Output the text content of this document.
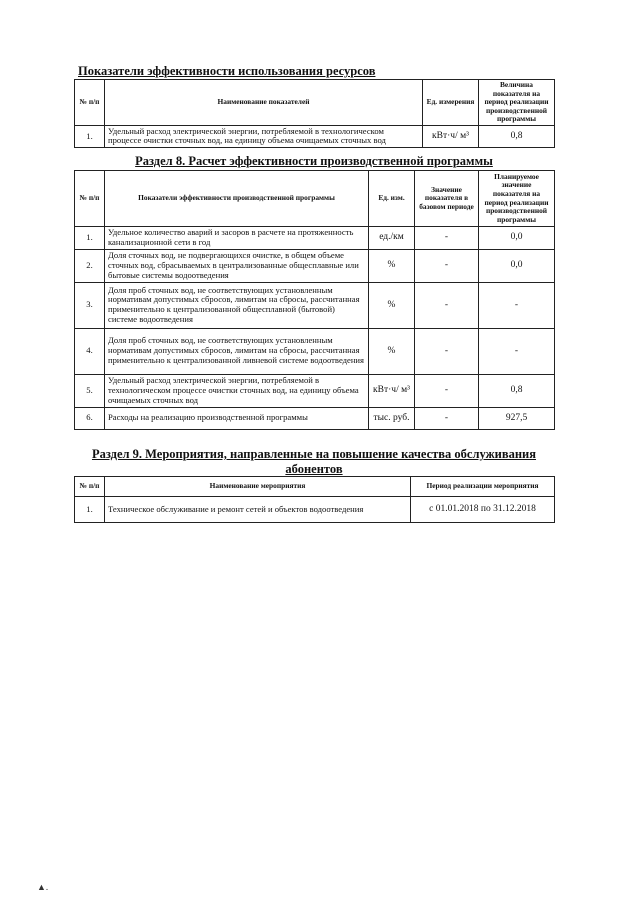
Показатели эффективности использования ресурсов
№ п/п	Наименование показателей	Ед. измерения	Величина показателя на период реализации производственной программы
1.	Удельный расход электрической энергии, потребляемой в технологическом процессе очистки сточных вод, на единицу объема очищаемых сточных вод	кВт·ч/ м³	0,8
Раздел 8. Расчет эффективности производственной программы
№ п/п	Показатели эффективности производственной программы	Ед. изм.	Значение показателя в базовом периоде	Планируемое значение показателя на период реализации производственной программы
1.	Удельное количество аварий и засоров в расчете на протяженность канализационной сети в год	ед./км	-	0,0
2.	Доля сточных вод, не подвергающихся очистке, в общем объеме сточных вод, сбрасываемых в централизованные общесплавные или бытовые системы водоотведения	%	-	0,0
3.	Доля проб сточных вод, не соответствующих установленным нормативам допустимых сбросов, лимитам на сбросы, рассчитанная применительно к централизованной общесплавной (бытовой) системе водоотведения	%	-	-
4.	Доля проб сточных вод, не соответствующих установленным нормативам допустимых сбросов, лимитам на сбросы, рассчитанная применительно к централизованной ливневой системе водоотведения	%	-	-
5.	Удельный расход электрической энергии, потребляемой в технологическом процессе очистки сточных вод, на единицу объема очищаемых сточных вод	кВт·ч/ м³	-	0,8
6.	Расходы на реализацию производственной программы	тыс. руб.	-	927,5
Раздел 9. Мероприятия, направленные на повышение качества обслуживания
абонентов
№ п/п	Наименование мероприятия	Период реализации мероприятия
1.	Техническое обслуживание и ремонт сетей и объектов водоотведения	с 01.01.2018 по 31.12.2018
▲.
